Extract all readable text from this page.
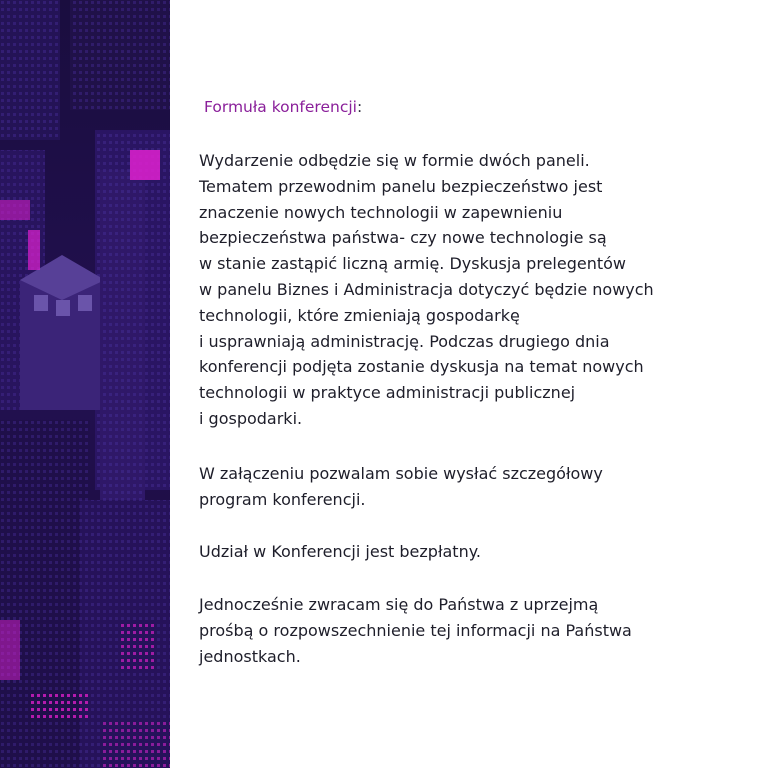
Formuła konferencji:

Wydarzenie odbędzie się w formie dwóch paneli.
Tematem przewodnim panelu bezpieczeństwo jest
znaczenie nowych technologii w zapewnieniu
bezpieczeństwa państwa- czy nowe technologie są
w stanie zastąpić liczną armię. Dyskusja prelegentów
w panelu Biznes i Administracja dotyczyć będzie nowych
technologii, które zmieniają gospodarkę
i usprawniają administrację. Podczas drugiego dnia
konferencji podjęta zostanie dyskusja na temat nowych
technologii w praktyce administracji publicznej
i gospodarki.

W załączeniu pozwalam sobie wysłać szczegółowy
program konferencji.

Udział w Konferencji jest bezpłatny.

Jednocześnie zwracam się do Państwa z uprzejmą
prośbą o rozpowszechnienie tej informacji na Państwa
jednostkach.
